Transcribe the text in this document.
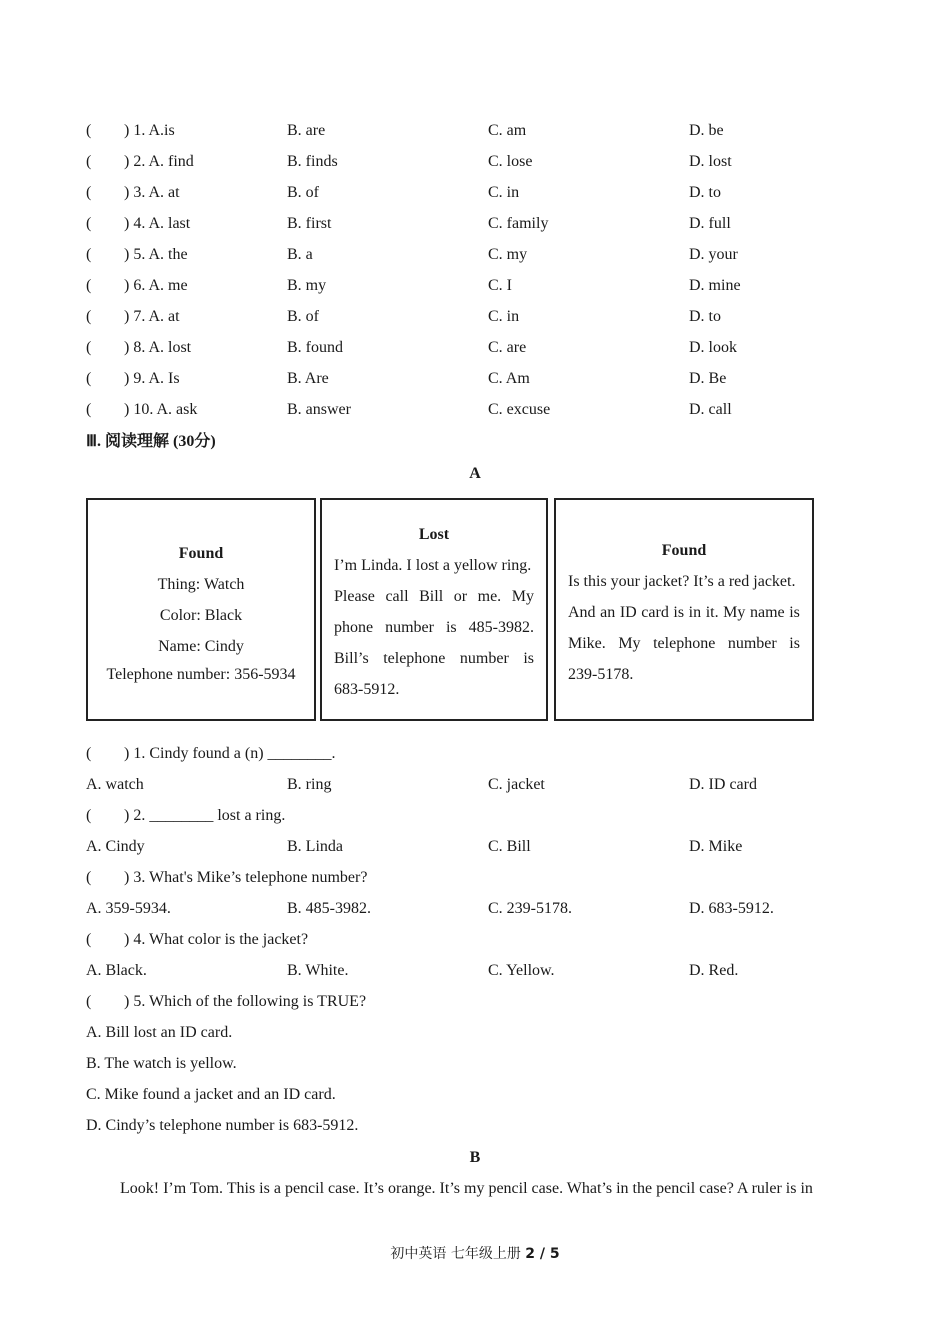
( ) 1. A.is	B. are	C. am	D. be
( ) 2. A. find	B. finds	C. lose	D. lost
( ) 3. A. at	B. of	C. in	D. to
( ) 4. A. last	B. first	C. family	D. full
( ) 5. A. the	B. a	C. my	D. your
( ) 6. A. me	B. my	C. I	D. mine
( ) 7. A. at	B. of	C. in	D. to
( ) 8. A. lost	B. found	C. are	D. look
( ) 9. A. Is	B. Are	C. Am	D. Be
( ) 10. A. ask	B. answer	C. excuse	D. call
Ⅲ. 阅读理解 (30分)
A
Found
Thing: Watch
Color: Black
Name: Cindy
Telephone number: 356-5934
Lost
I’m Linda. I lost a yellow ring.
Please call Bill or me. My
phone number is 485-3982.
Bill’s telephone number is
683-5912.
Found
Is this your jacket? It’s a red jacket.
And an ID card is in it. My name is
Mike. My telephone number is
239-5178.
( ) 1. Cindy found a (n) ________.
A. watch	B. ring	C. jacket	D. ID card
( ) 2. ________ lost a ring.
A. Cindy	B. Linda	C. Bill	D. Mike
( ) 3. What's Mike’s telephone number?
A. 359-5934.	B. 485-3982.	C. 239-5178.	D. 683-5912.
( ) 4. What color is the jacket?
A. Black.	B. White.	C. Yellow.	D. Red.
( ) 5. Which of the following is TRUE?
A. Bill lost an ID card.
B. The watch is yellow.
C. Mike found a jacket and an ID card.
D. Cindy’s telephone number is 683-5912.
B
Look! I’m Tom. This is a pencil case. It’s orange. It’s my pencil case. What’s in the pencil case? A ruler is in
初中英语 七年级上册 2 / 5
